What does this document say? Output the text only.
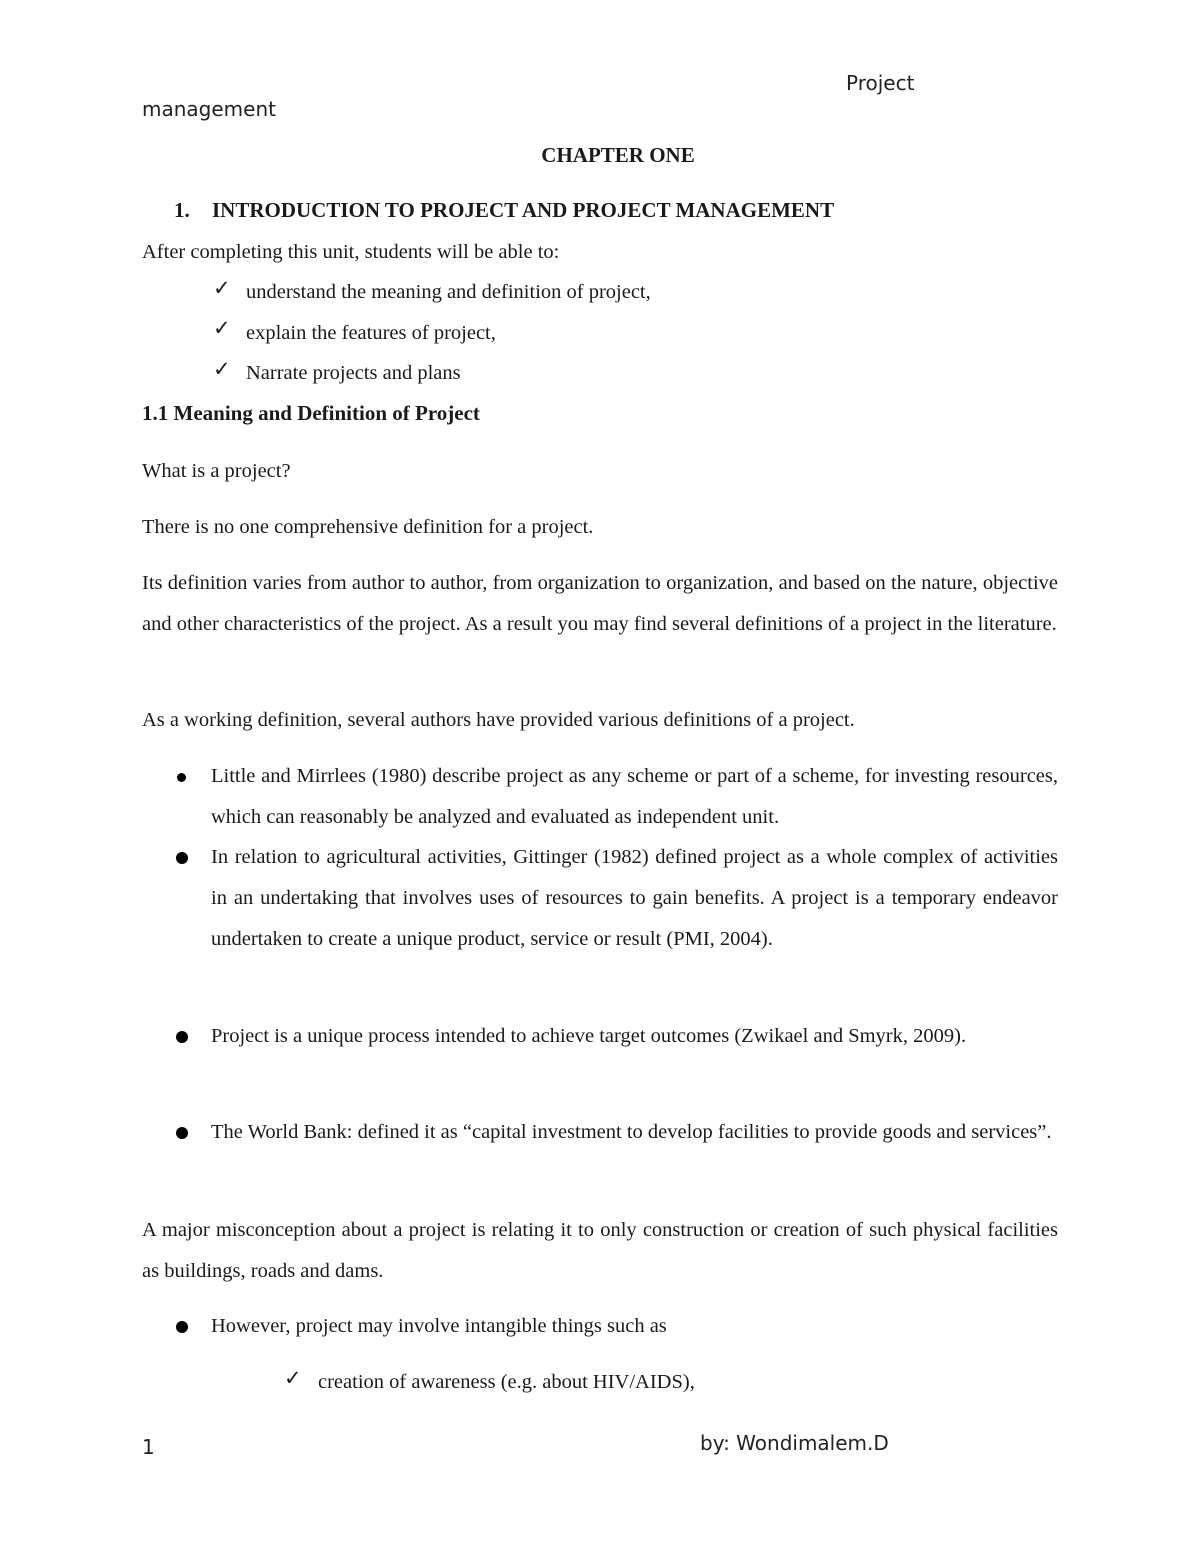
Project
management
CHAPTER ONE
1. INTRODUCTION TO PROJECT AND PROJECT MANAGEMENT
After completing this unit, students will be able to:
✓ understand the meaning and definition of project,
✓ explain the features of project,
✓ Narrate projects and plans
1.1 Meaning and Definition of Project
What is a project?
There is no one comprehensive definition for a project.
Its definition varies from author to author, from organization to organization, and based on the nature, objective and other characteristics of the project. As a result you may find several definitions of a project in the literature.
As a working definition, several authors have provided various definitions of a project.
Little and Mirrlees (1980) describe project as any scheme or part of a scheme, for investing resources, which can reasonably be analyzed and evaluated as independent unit.
In relation to agricultural activities, Gittinger (1982) defined project as a whole complex of activities in an undertaking that involves uses of resources to gain benefits. A project is a temporary endeavor undertaken to create a unique product, service or result (PMI, 2004).
Project is a unique process intended to achieve target outcomes (Zwikael and Smyrk, 2009).
The World Bank: defined it as “capital investment to develop facilities to provide goods and services”.
A major misconception about a project is relating it to only construction or creation of such physical facilities as buildings, roads and dams.
However, project may involve intangible things such as
✓ creation of awareness (e.g. about HIV/AIDS),
1	by: Wondimalem.D
